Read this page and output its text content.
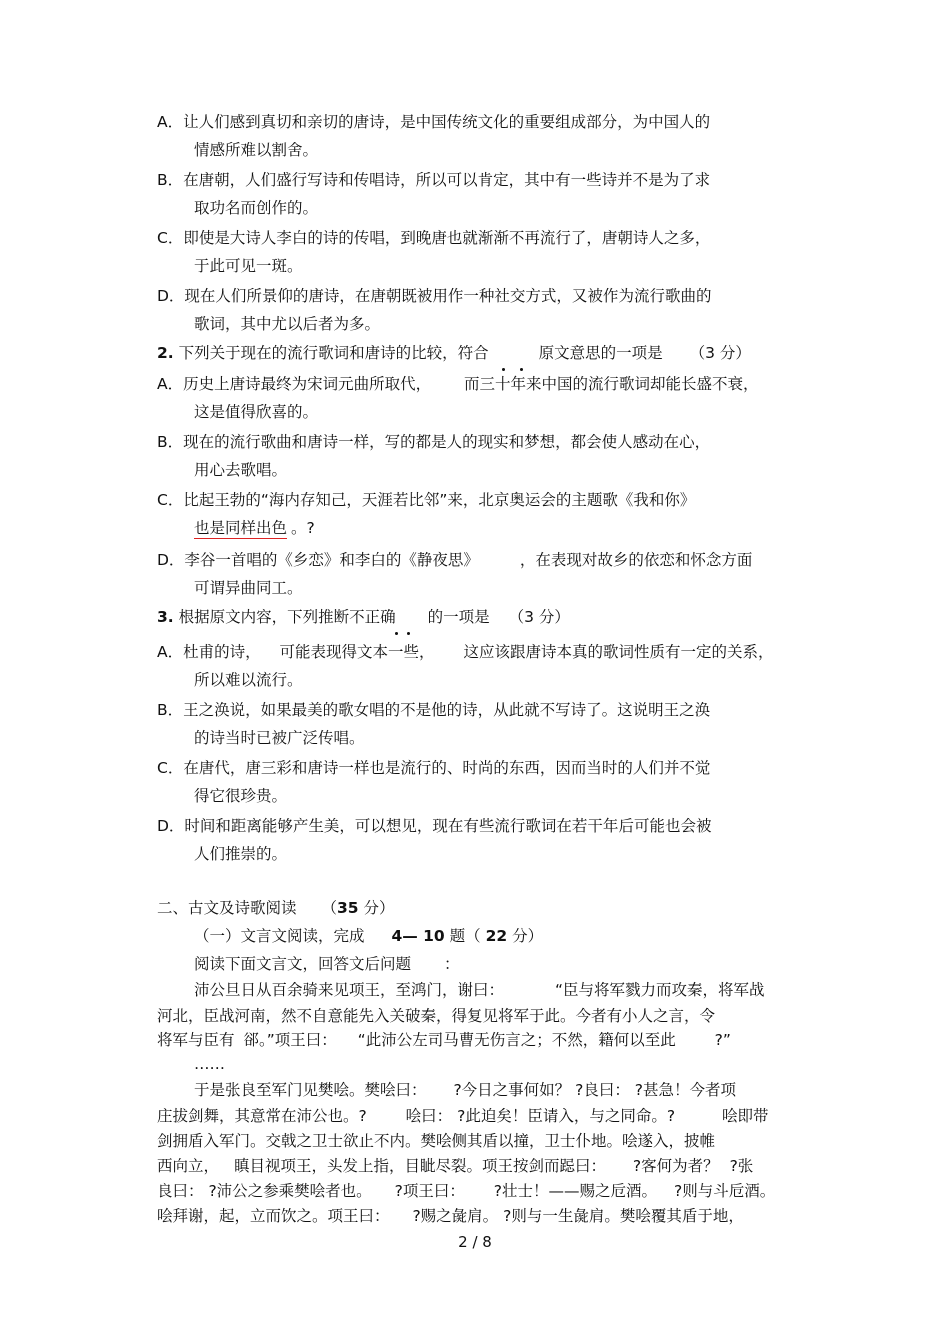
A．让人们感到真切和亲切的唐诗，是中国传统文化的重要组成部分，为中国人的
情感所难以割舍。
B．在唐朝，人们盛行写诗和传唱诗，所以可以肯定，其中有一些诗并不是为了求
取功名而创作的。
C．即使是大诗人李白的诗的传唱，到晚唐也就渐渐不再流行了，唐朝诗人之多，
于此可见一斑。
D．现在人们所景仰的唐诗，在唐朝既被用作一种社交方式，又被作为流行歌曲的
歌词，其中尤以后者为多。
2. 下列关于现在的流行歌词和唐诗的比较，符合	原文意思的一项是 （3 分）
A．历史上唐诗最终为宋词元曲所取代， 而三十年来中国的流行歌词却能长盛不衰，
这是值得欣喜的。
B．现在的流行歌曲和唐诗一样，写的都是人的现实和梦想，都会使人感动在心，
用心去歌唱。
C．比起王勃的“海内存知己，天涯若比邻”来，北京奥运会的主题歌《我和你》
也是同样出色 。?
D．李谷一首唱的《乡恋》和李白的《静夜思》	，在表现对故乡的依恋和怀念方面
可谓异曲同工。
3. 根据原文内容，下列推断不正确 的一项是 （3 分）
A．杜甫的诗， 可能表现得文本一些， 这应该跟唐诗本真的歌词性质有一定的关系，
所以难以流行。
B．王之涣说，如果最美的歌女唱的不是他的诗，从此就不写诗了。这说明王之涣
的诗当时已被广泛传唱。
C．在唐代，唐三彩和唐诗一样也是流行的、时尚的东西，因而当时的人们并不觉
得它很珍贵。
D．时间和距离能够产生美，可以想见，现在有些流行歌词在若干年后可能也会被
人们推崇的。
二、古文及诗歌阅读 （35 分）
（一）文言文阅读，完成 4— 10 题（ 22 分）
阅读下面文言文，回答文后问题 ：
沛公旦日从百余骑来见项王，至鸿门，谢曰：	“臣与将军戮力而攻秦，将军战
河北，臣战河南，然不自意能先入关破秦，得复见将军于此。今者有小人之言，令
将军与臣有 郤。”项王曰： “此沛公左司马曹无伤言之；不然，籍何以至此	?”
……
于是张良至军门见樊哙。樊哙曰： ?今日之事何如？ ?良曰： ?甚急！今者项
庄拔剑舞，其意常在沛公也。?	哙曰： ?此迫矣！臣请入，与之同命。?	哙即带
剑拥盾入军门。交戟之卫士欲止不内。樊哙侧其盾以撞，卫士仆地。哙遂入，披帷
西向立， 瞋目视项王，头发上指，目眦尽裂。项王按剑而跽曰： ?客何为者？ ?张
良曰： ?沛公之参乘樊哙者也。 ?项王曰： ?壮士！——赐之卮酒。 ?则与斗卮酒。
哙拜谢，起，立而饮之。项王曰： ?赐之彘肩。 ?则与一生彘肩。樊哙覆其盾于地，
2 / 8
